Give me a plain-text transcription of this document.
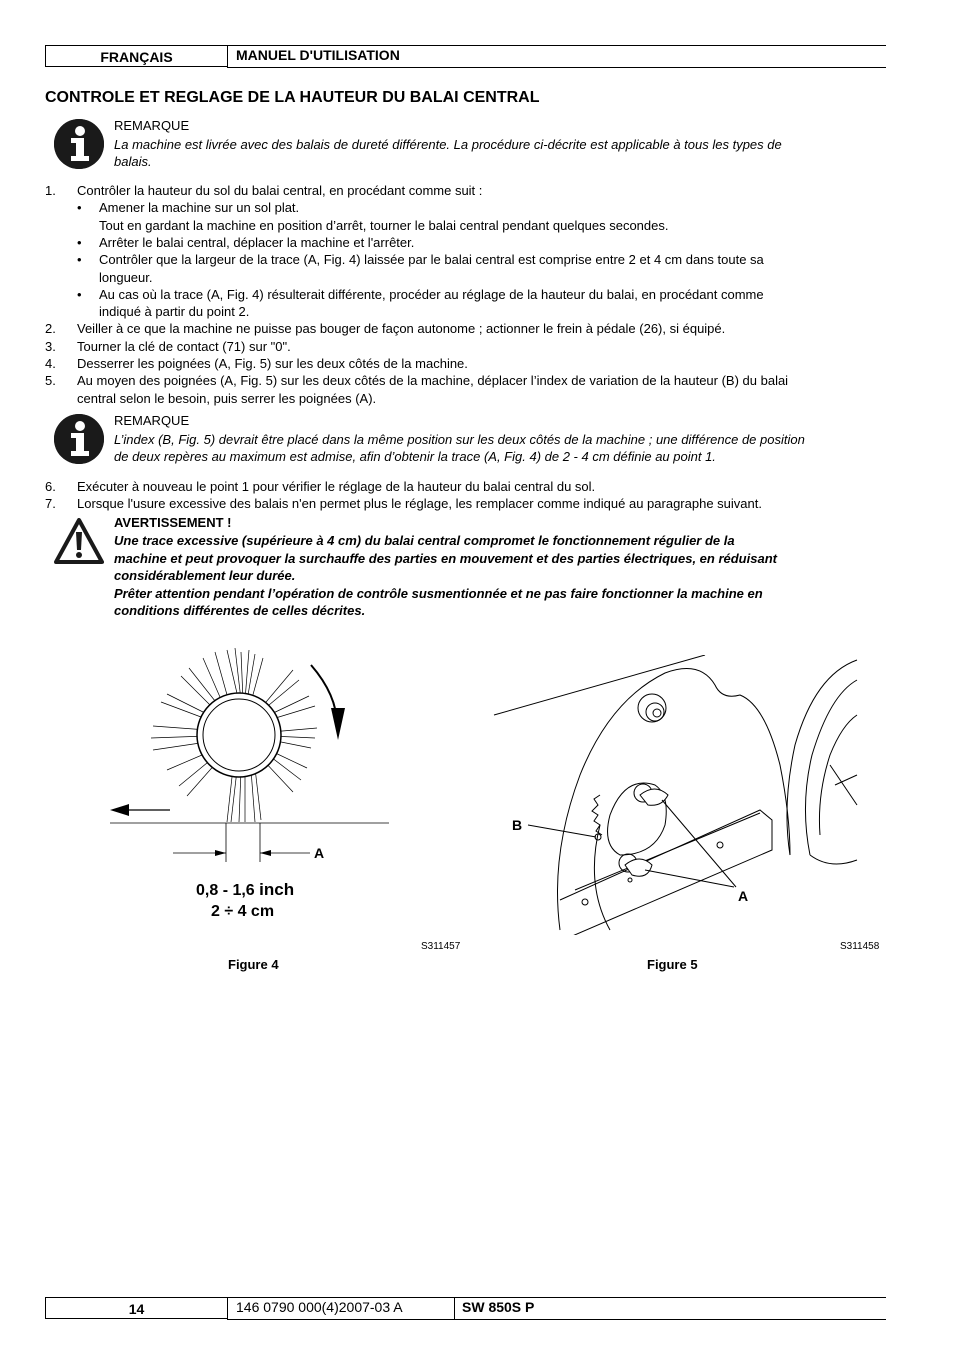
FRANÇAIS	MANUEL D'UTILISATION
CONTROLE ET REGLAGE DE LA HAUTEUR DU BALAI CENTRAL
REMARQUE
La machine est livrée avec des balais de dureté différente. La procédure ci-décrite est applicable à tous les types de
balais.
1.	Contrôler la hauteur du sol du balai central, en procédant comme suit :
• Amener la machine sur un sol plat.
Tout en gardant la machine en position d’arrêt, tourner le balai central pendant quelques secondes.
• Arrêter le balai central, déplacer la machine et l'arrêter.
• Contrôler que la largeur de la trace (A, Fig. 4) laissée par le balai central est comprise entre 2 et 4 cm dans toute sa
longueur.
• Au cas où la trace (A, Fig. 4) résulterait différente, procéder au réglage de la hauteur du balai, en procédant comme
indiqué à partir du point 2.
2.	Veiller à ce que la machine ne puisse pas bouger de façon autonome ; actionner le frein à pédale (26), si équipé.
3.	Tourner la clé de contact (71) sur "0".
4.	Desserrer les poignées (A, Fig. 5) sur les deux côtés de la machine.
5.	Au moyen des poignées (A, Fig. 5) sur les deux côtés de la machine, déplacer l’index de variation de la hauteur (B) du balai
central selon le besoin, puis serrer les poignées (A).
REMARQUE
L’index (B, Fig. 5) devrait être placé dans la même position sur les deux côtés de la machine ; une différence de position
de deux repères au maximum est admise, afin d’obtenir la trace (A, Fig. 4) de 2 - 4 cm définie au point 1.
6.	Exécuter à nouveau le point 1 pour vérifier le réglage de la hauteur du balai central du sol.
7.	Lorsque l'usure excessive des balais n'en permet plus le réglage, les remplacer comme indiqué au paragraphe suivant.
AVERTISSEMENT !
Une trace excessive (supérieure à 4 cm) du balai central compromet le fonctionnement régulier de la
machine et peut provoquer la surchauffe des parties en mouvement et des parties électriques, en réduisant
considérablement leur durée.
Prêter attention pendant l’opération de contrôle susmentionnée et ne pas faire fonctionner la machine en
conditions différentes de celles décrites.
A
0,8 - 1,6 inch
2 ÷ 4 cm
S311457
Figure 4
B
A
S311458
Figure 5
14	146 0790 000(4)2007-03 A	SW 850S P
